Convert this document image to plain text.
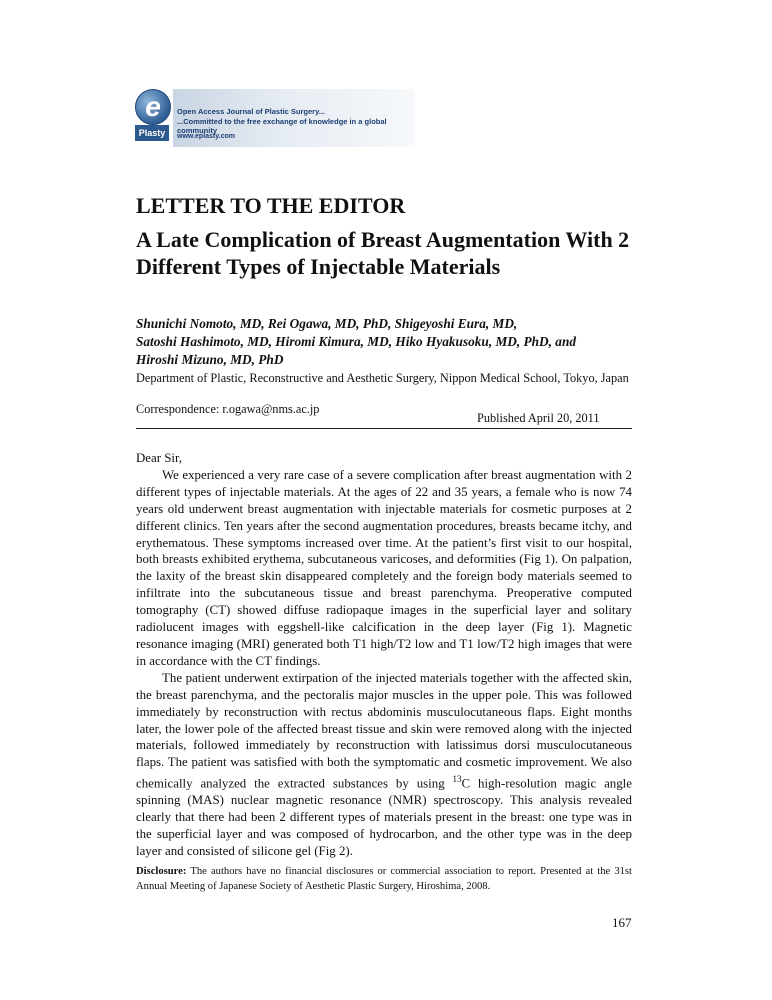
e
Plasty
Open Access Journal of Plastic Surgery...
...Committed to the free exchange of knowledge in a global community
www.eplasty.com
LETTER TO THE EDITOR
A Late Complication of Breast Augmentation With 2 Different Types of Injectable Materials
Shunichi Nomoto, MD, Rei Ogawa, MD, PhD, Shigeyoshi Eura, MD,
Satoshi Hashimoto, MD, Hiromi Kimura, MD, Hiko Hyakusoku, MD, PhD, and
Hiroshi Mizuno, MD, PhD
Department of Plastic, Reconstructive and Aesthetic Surgery, Nippon Medical School, Tokyo, Japan
Correspondence: r.ogawa@nms.ac.jp
Published April 20, 2011

Dear Sir,

We experienced a very rare case of a severe complication after breast augmentation with 2 different types of injectable materials. At the ages of 22 and 35 years, a female who is now 74 years old underwent breast augmentation with injectable materials for cosmetic purposes at 2 different clinics. Ten years after the second augmentation procedures, breasts became itchy, and erythematous. These symptoms increased over time. At the patient’s first visit to our hospital, both breasts exhibited erythema, subcutaneous varicoses, and deformities (Fig 1). On palpation, the laxity of the breast skin disappeared completely and the foreign body materials seemed to infiltrate into the subcutaneous tissue and breast parenchyma. Preoperative computed tomography (CT) showed diffuse radiopaque images in the superficial layer and solitary radiolucent images with eggshell-like calcification in the deep layer (Fig 1). Magnetic resonance imaging (MRI) generated both T1 high/T2 low and T1 low/T2 high images that were in accordance with the CT findings.

The patient underwent extirpation of the injected materials together with the affected skin, the breast parenchyma, and the pectoralis major muscles in the upper pole. This was followed immediately by reconstruction with rectus abdominis musculocutaneous flaps. Eight months later, the lower pole of the affected breast tissue and skin were removed along with the injected materials, followed immediately by reconstruction with latissimus dorsi musculocutaneous flaps. The patient was satisfied with both the symptomatic and cosmetic improvement. We also chemically analyzed the extracted substances by using $^{13}$C high-resolution magic angle spinning (MAS) nuclear magnetic resonance (NMR) spectroscopy. This analysis revealed clearly that there had been 2 different types of materials present in the breast: one type was in the superficial layer and was composed of hydrocarbon, and the other type was in the deep layer and consisted of silicone gel (Fig 2).

Disclosure: The authors have no financial disclosures or commercial association to report. Presented at the 31st Annual Meeting of Japanese Society of Aesthetic Plastic Surgery, Hiroshima, 2008.
167
